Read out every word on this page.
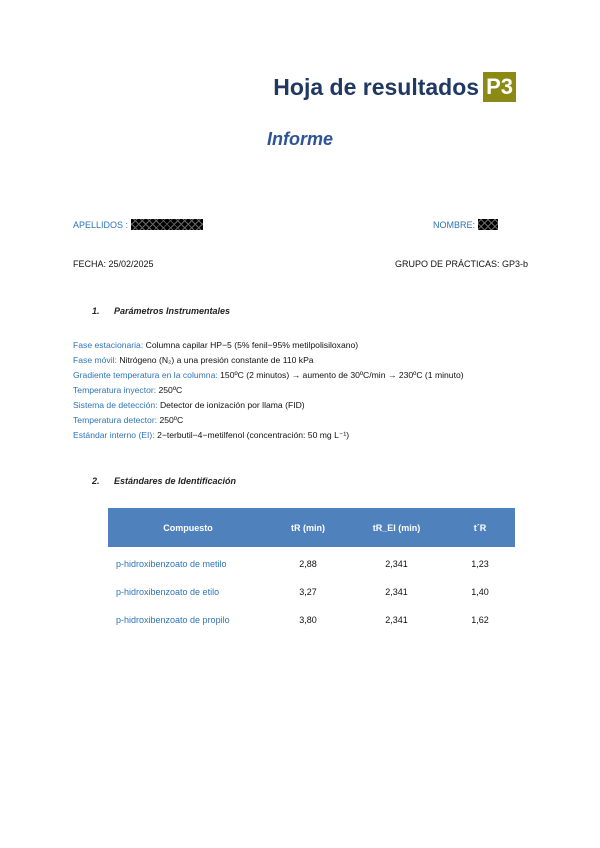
Hoja de resultados P3
Informe
APELLIDOS :	NOMBRE:
FECHA: 25/02/2025	GRUPO DE PRÁCTICAS: GP3-b
1. Parámetros Instrumentales
Fase estacionaria: Columna capilar HP−5 (5% fenil−95% metilpolisiloxano)
Fase móvil: Nitrógeno (N₂) a una presión constante de 110 kPa
Gradiente temperatura en la columna: 150ºC (2 minutos) → aumento de 30ºC/min → 230ºC (1 minuto)
Temperatura inyector: 250ºC
Sistema de detección: Detector de ionización por llama (FID)
Temperatura detector: 250ºC
Estándar interno (EI): 2−terbutil−4−metilfenol (concentración: 50 mg L⁻¹)
2. Estándares de Identificación
Compuesto	tR (min)	tR_EI (min)	t´R
p-hidroxibenzoato de metilo	2,88	2,341	1,23
p-hidroxibenzoato de etilo	3,27	2,341	1,40
p-hidroxibenzoato de propilo	3,80	2,341	1,62
